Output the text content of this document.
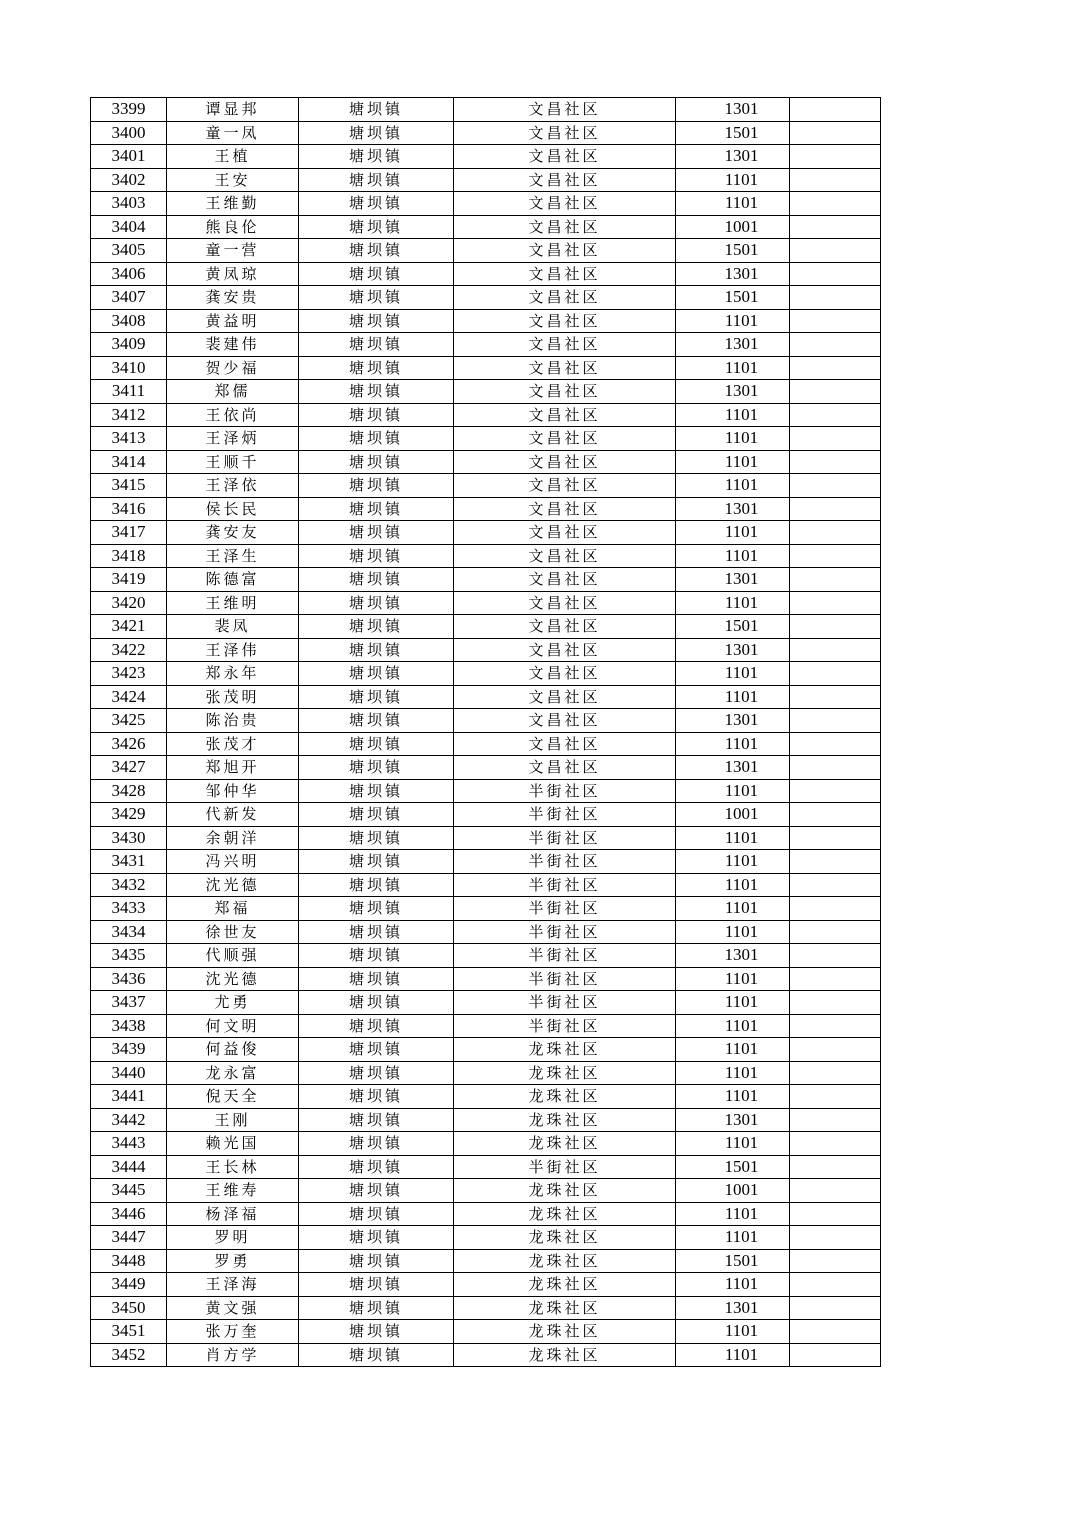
3399	谭显邦	塘坝镇	文昌社区	1301	
3400	童一凤	塘坝镇	文昌社区	1501	
3401	王植	塘坝镇	文昌社区	1301	
3402	王安	塘坝镇	文昌社区	1101	
3403	王维勤	塘坝镇	文昌社区	1101	
3404	熊良伦	塘坝镇	文昌社区	1001	
3405	童一营	塘坝镇	文昌社区	1501	
3406	黄凤琼	塘坝镇	文昌社区	1301	
3407	龚安贵	塘坝镇	文昌社区	1501	
3408	黄益明	塘坝镇	文昌社区	1101	
3409	裴建伟	塘坝镇	文昌社区	1301	
3410	贺少福	塘坝镇	文昌社区	1101	
3411	郑儒	塘坝镇	文昌社区	1301	
3412	王依尚	塘坝镇	文昌社区	1101	
3413	王泽炳	塘坝镇	文昌社区	1101	
3414	王顺千	塘坝镇	文昌社区	1101	
3415	王泽依	塘坝镇	文昌社区	1101	
3416	侯长民	塘坝镇	文昌社区	1301	
3417	龚安友	塘坝镇	文昌社区	1101	
3418	王泽生	塘坝镇	文昌社区	1101	
3419	陈德富	塘坝镇	文昌社区	1301	
3420	王维明	塘坝镇	文昌社区	1101	
3421	裴凤	塘坝镇	文昌社区	1501	
3422	王泽伟	塘坝镇	文昌社区	1301	
3423	郑永年	塘坝镇	文昌社区	1101	
3424	张茂明	塘坝镇	文昌社区	1101	
3425	陈治贵	塘坝镇	文昌社区	1301	
3426	张茂才	塘坝镇	文昌社区	1101	
3427	郑旭开	塘坝镇	文昌社区	1301	
3428	邹仲华	塘坝镇	半街社区	1101	
3429	代新发	塘坝镇	半街社区	1001	
3430	余朝洋	塘坝镇	半街社区	1101	
3431	冯兴明	塘坝镇	半街社区	1101	
3432	沈光德	塘坝镇	半街社区	1101	
3433	郑福	塘坝镇	半街社区	1101	
3434	徐世友	塘坝镇	半街社区	1101	
3435	代顺强	塘坝镇	半街社区	1301	
3436	沈光德	塘坝镇	半街社区	1101	
3437	尤勇	塘坝镇	半街社区	1101	
3438	何文明	塘坝镇	半街社区	1101	
3439	何益俊	塘坝镇	龙珠社区	1101	
3440	龙永富	塘坝镇	龙珠社区	1101	
3441	倪天全	塘坝镇	龙珠社区	1101	
3442	王刚	塘坝镇	龙珠社区	1301	
3443	赖光国	塘坝镇	龙珠社区	1101	
3444	王长林	塘坝镇	半街社区	1501	
3445	王维寿	塘坝镇	龙珠社区	1001	
3446	杨泽福	塘坝镇	龙珠社区	1101	
3447	罗明	塘坝镇	龙珠社区	1101	
3448	罗勇	塘坝镇	龙珠社区	1501	
3449	王泽海	塘坝镇	龙珠社区	1101	
3450	黄文强	塘坝镇	龙珠社区	1301	
3451	张万奎	塘坝镇	龙珠社区	1101	
3452	肖方学	塘坝镇	龙珠社区	1101	
